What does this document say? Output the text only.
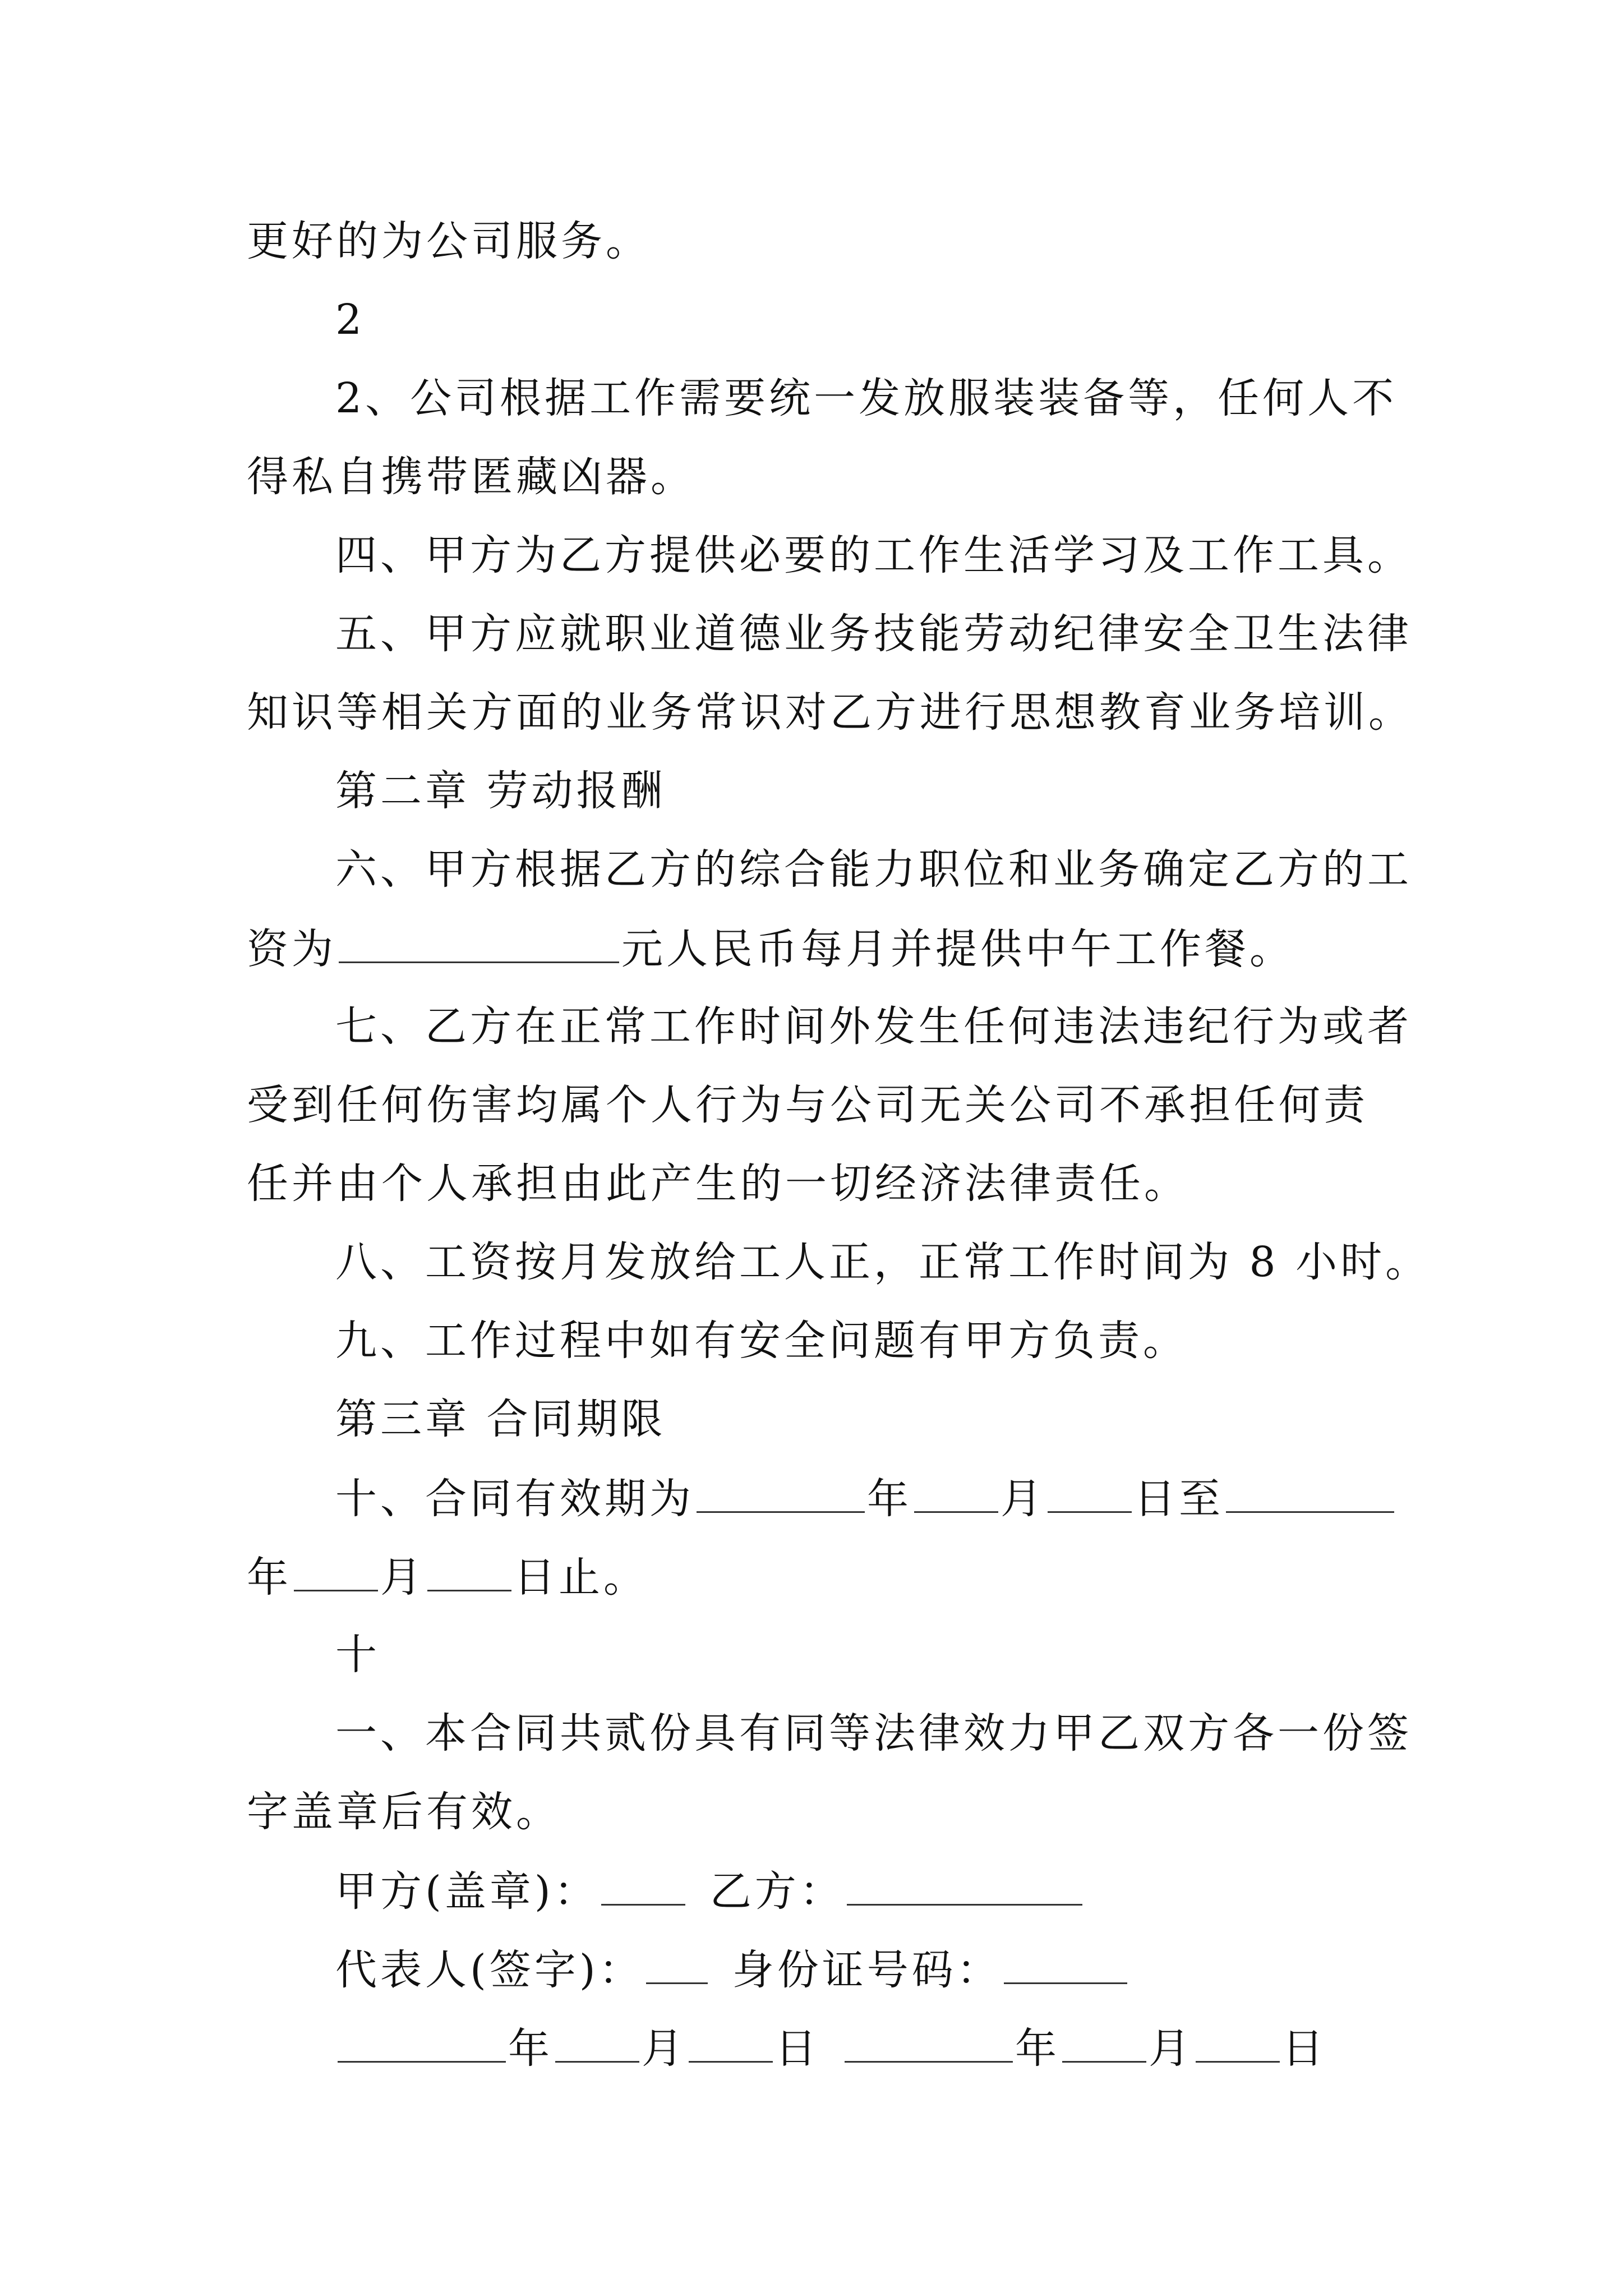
更好的为公司服务。
2
2、公司根据工作需要统一发放服装装备等，任何人不
得私自携带匿藏凶器。
四、甲方为乙方提供必要的工作生活学习及工作工具。
五、甲方应就职业道德业务技能劳动纪律安全卫生法律
知识等相关方面的业务常识对乙方进行思想教育业务培训。
第二章 劳动报酬
六、甲方根据乙方的综合能力职位和业务确定乙方的工
资为	元人民币每月并提供中午工作餐。
七、乙方在正常工作时间外发生任何违法违纪行为或者
受到任何伤害均属个人行为与公司无关公司不承担任何责
任并由个人承担由此产生的一切经济法律责任。
八、工资按月发放给工人正，正常工作时间为 8 小时。
九、工作过程中如有安全问题有甲方负责。
第三章 合同期限
十、合同有效期为	年 月 日至
年 月 日止。
十
一、本合同共贰份具有同等法律效力甲乙双方各一份签
字盖章后有效。
甲方(盖章)：	乙方：
代表人(签字)： 身份证号码：
年 月 日	年 月 日
